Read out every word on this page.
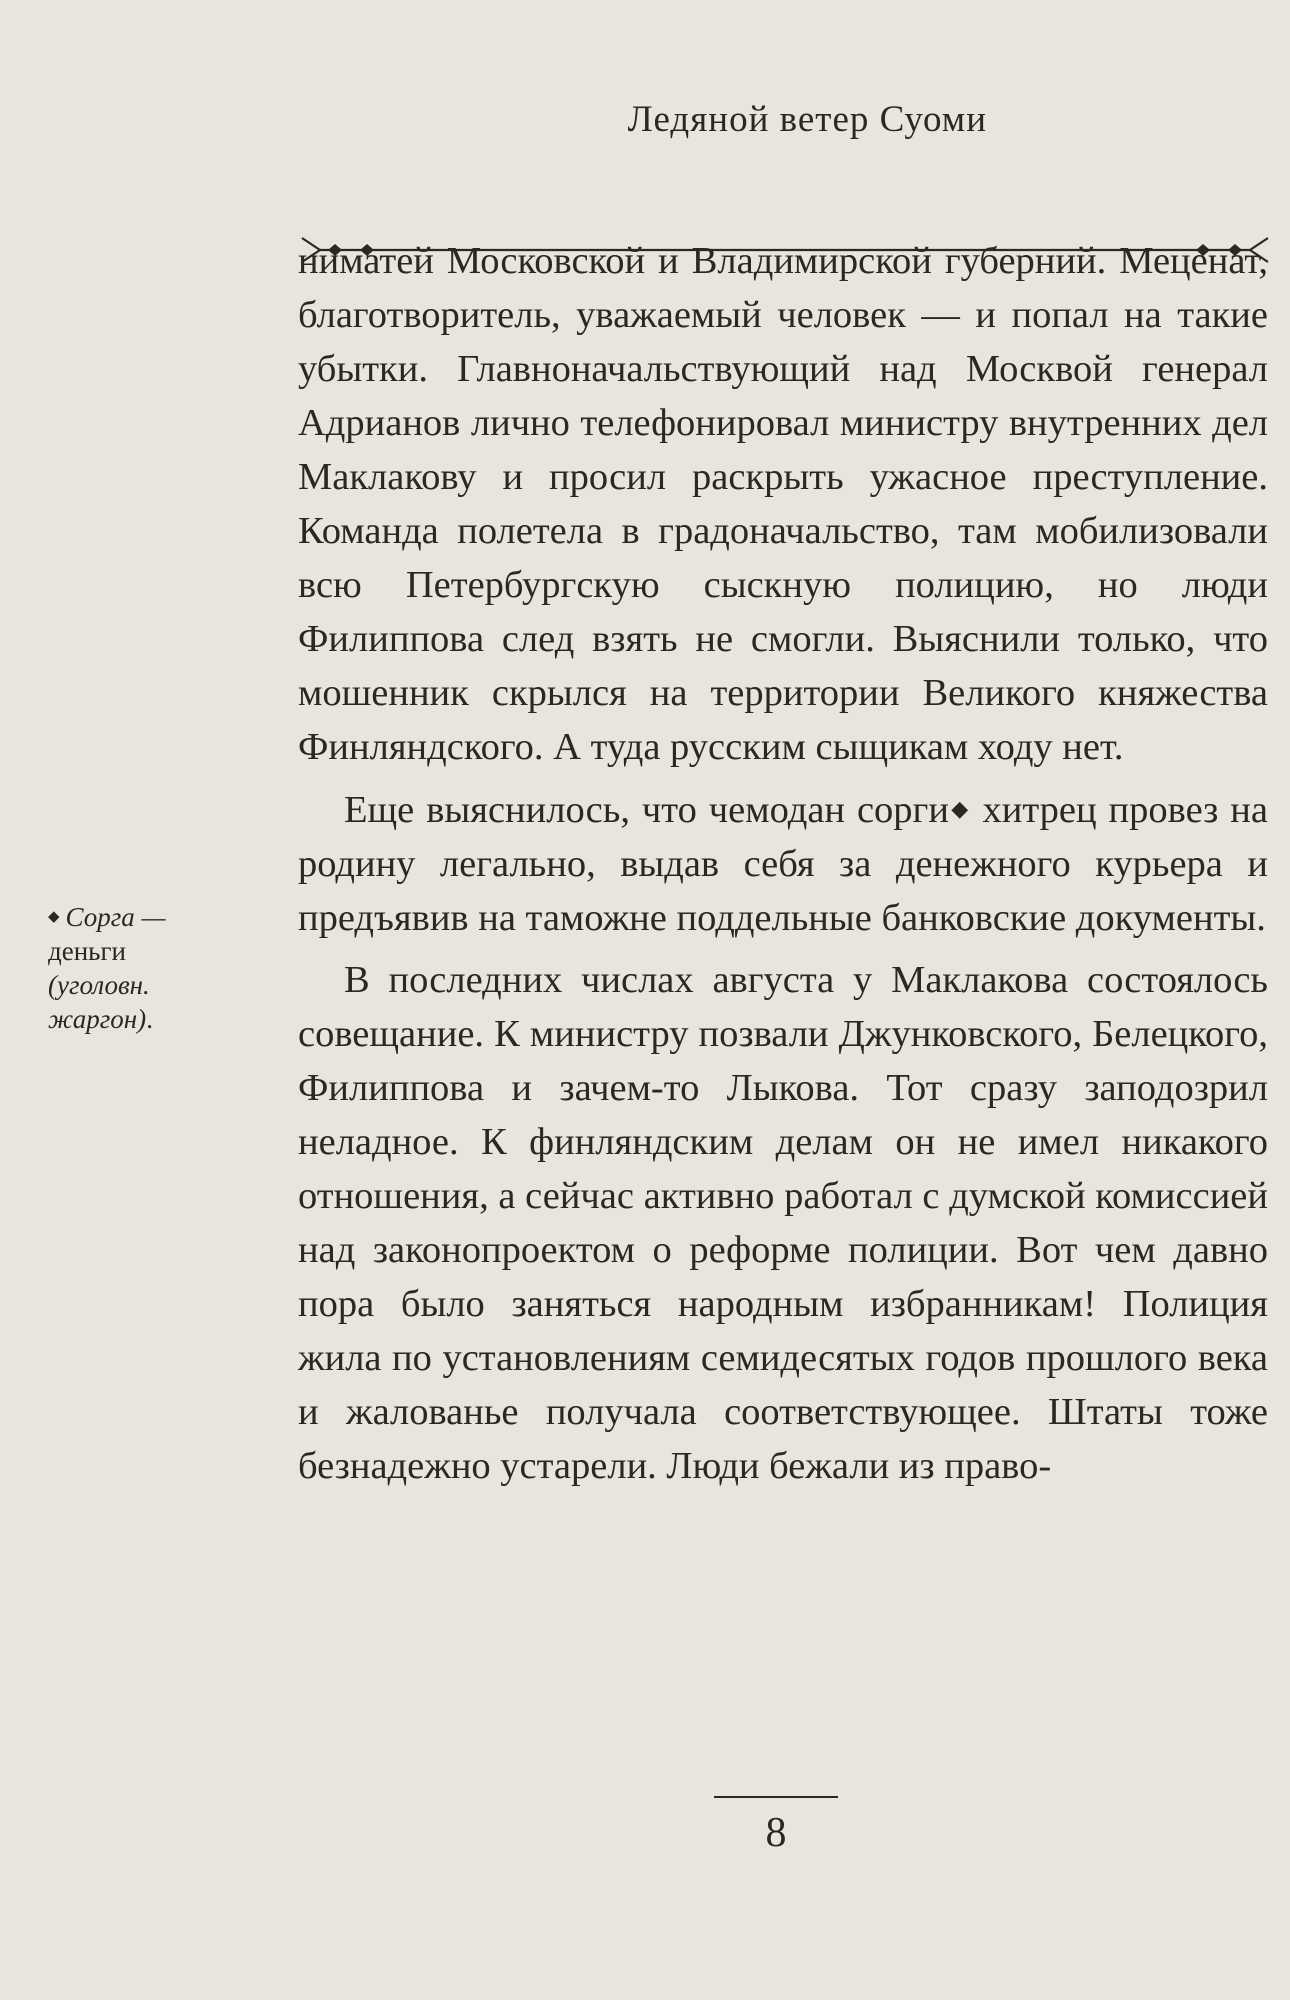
Ледяной ветер Суоми

ниматей Московской и Владимирской губерний. Меценат, благотворитель, уважаемый человек — и попал на такие убытки. Главноначальствующий над Москвой генерал Адрианов лично телефонировал министру внутренних дел Маклакову и просил раскрыть ужасное преступление. Команда полетела в градоначальство, там мобилизовали всю Петербургскую сыскную полицию, но люди Филиппова след взять не смогли. Выяснили только, что мошенник скрылся на территории Великого княжества Финляндского. А туда русским сыщикам ходу нет.

Еще выяснилось, что чемодан сорги◆ хитрец провез на родину легально, выдав себя за денежного курьера и предъявив на таможне поддельные банковские документы.

В последних числах августа у Маклакова состоялось совещание. К министру позвали Джунковского, Белецкого, Филиппова и зачем-то Лыкова. Тот сразу заподозрил неладное. К финляндским делам он не имел никакого отношения, а сейчас активно работал с думской комиссией над законопроектом о реформе полиции. Вот чем давно пора было заняться народным избранникам! Полиция жила по установлениям семидесятых годов прошлого века и жалованье получала соответствующее. Штаты тоже безнадежно устарели. Люди бежали из право-

◆ Сорга —
деньги
(уголовн. жаргон).
8
